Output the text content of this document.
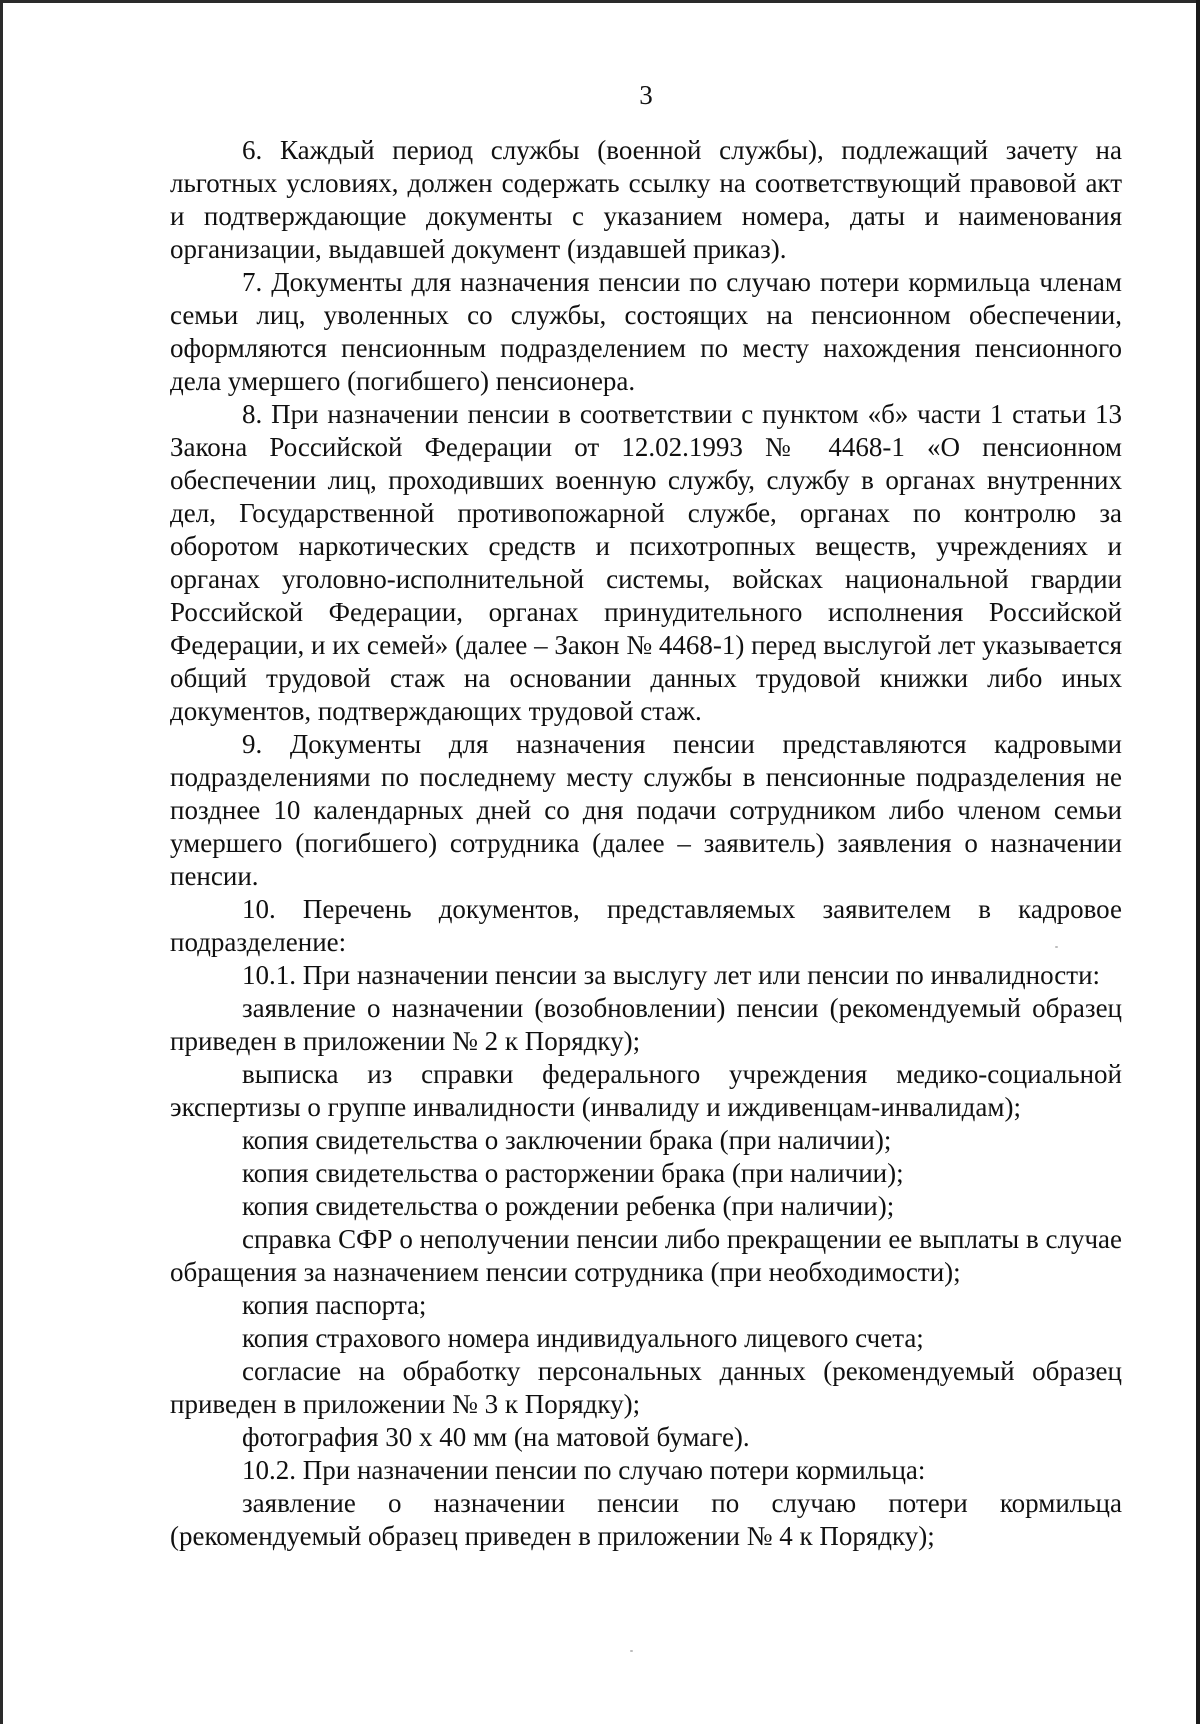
3

6. Каждый период службы (военной службы), подлежащий зачету на льготных условиях, должен содержать ссылку на соответствующий правовой акт и подтверждающие документы с указанием номера, даты и наименования организации, выдавшей документ (издавшей приказ).

7. Документы для назначения пенсии по случаю потери кормильца членам семьи лиц, уволенных со службы, состоящих на пенсионном обеспечении, оформляются пенсионным подразделением по месту нахождения пенсионного дела умершего (погибшего) пенсионера.

8. При назначении пенсии в соответствии с пунктом «б» части 1 статьи 13 Закона Российской Федерации от 12.02.1993 № 4468-1 «О пенсионном обеспечении лиц, проходивших военную службу, службу в органах внутренних дел, Государственной противопожарной службе, органах по контролю за оборотом наркотических средств и психотропных веществ, учреждениях и органах уголовно-исполнительной системы, войсках национальной гвардии Российской Федерации, органах принудительного исполнения Российской Федерации, и их семей» (далее – Закон № 4468-1) перед выслугой лет указывается общий трудовой стаж на основании данных трудовой книжки либо иных документов, подтверждающих трудовой стаж.

9. Документы для назначения пенсии представляются кадровыми подразделениями по последнему месту службы в пенсионные подразделения не позднее 10 календарных дней со дня подачи сотрудником либо членом семьи умершего (погибшего) сотрудника (далее – заявитель) заявления о назначении пенсии.

10. Перечень документов, представляемых заявителем в кадровое подразделение:

10.1. При назначении пенсии за выслугу лет или пенсии по инвалидности:

заявление о назначении (возобновлении) пенсии (рекомендуемый образец приведен в приложении № 2 к Порядку);

выписка из справки федерального учреждения медико-социальной экспертизы о группе инвалидности (инвалиду и иждивенцам-инвалидам);

копия свидетельства о заключении брака (при наличии);

копия свидетельства о расторжении брака (при наличии);

копия свидетельства о рождении ребенка (при наличии);

справка СФР о неполучении пенсии либо прекращении ее выплаты в случае обращения за назначением пенсии сотрудника (при необходимости);

копия паспорта;

копия страхового номера индивидуального лицевого счета;

согласие на обработку персональных данных (рекомендуемый образец приведен в приложении № 3 к Порядку);

фотография 30 х 40 мм (на матовой бумаге).

10.2. При назначении пенсии по случаю потери кормильца:

заявление о назначении пенсии по случаю потери кормильца (рекомендуемый образец приведен в приложении № 4 к Порядку);
